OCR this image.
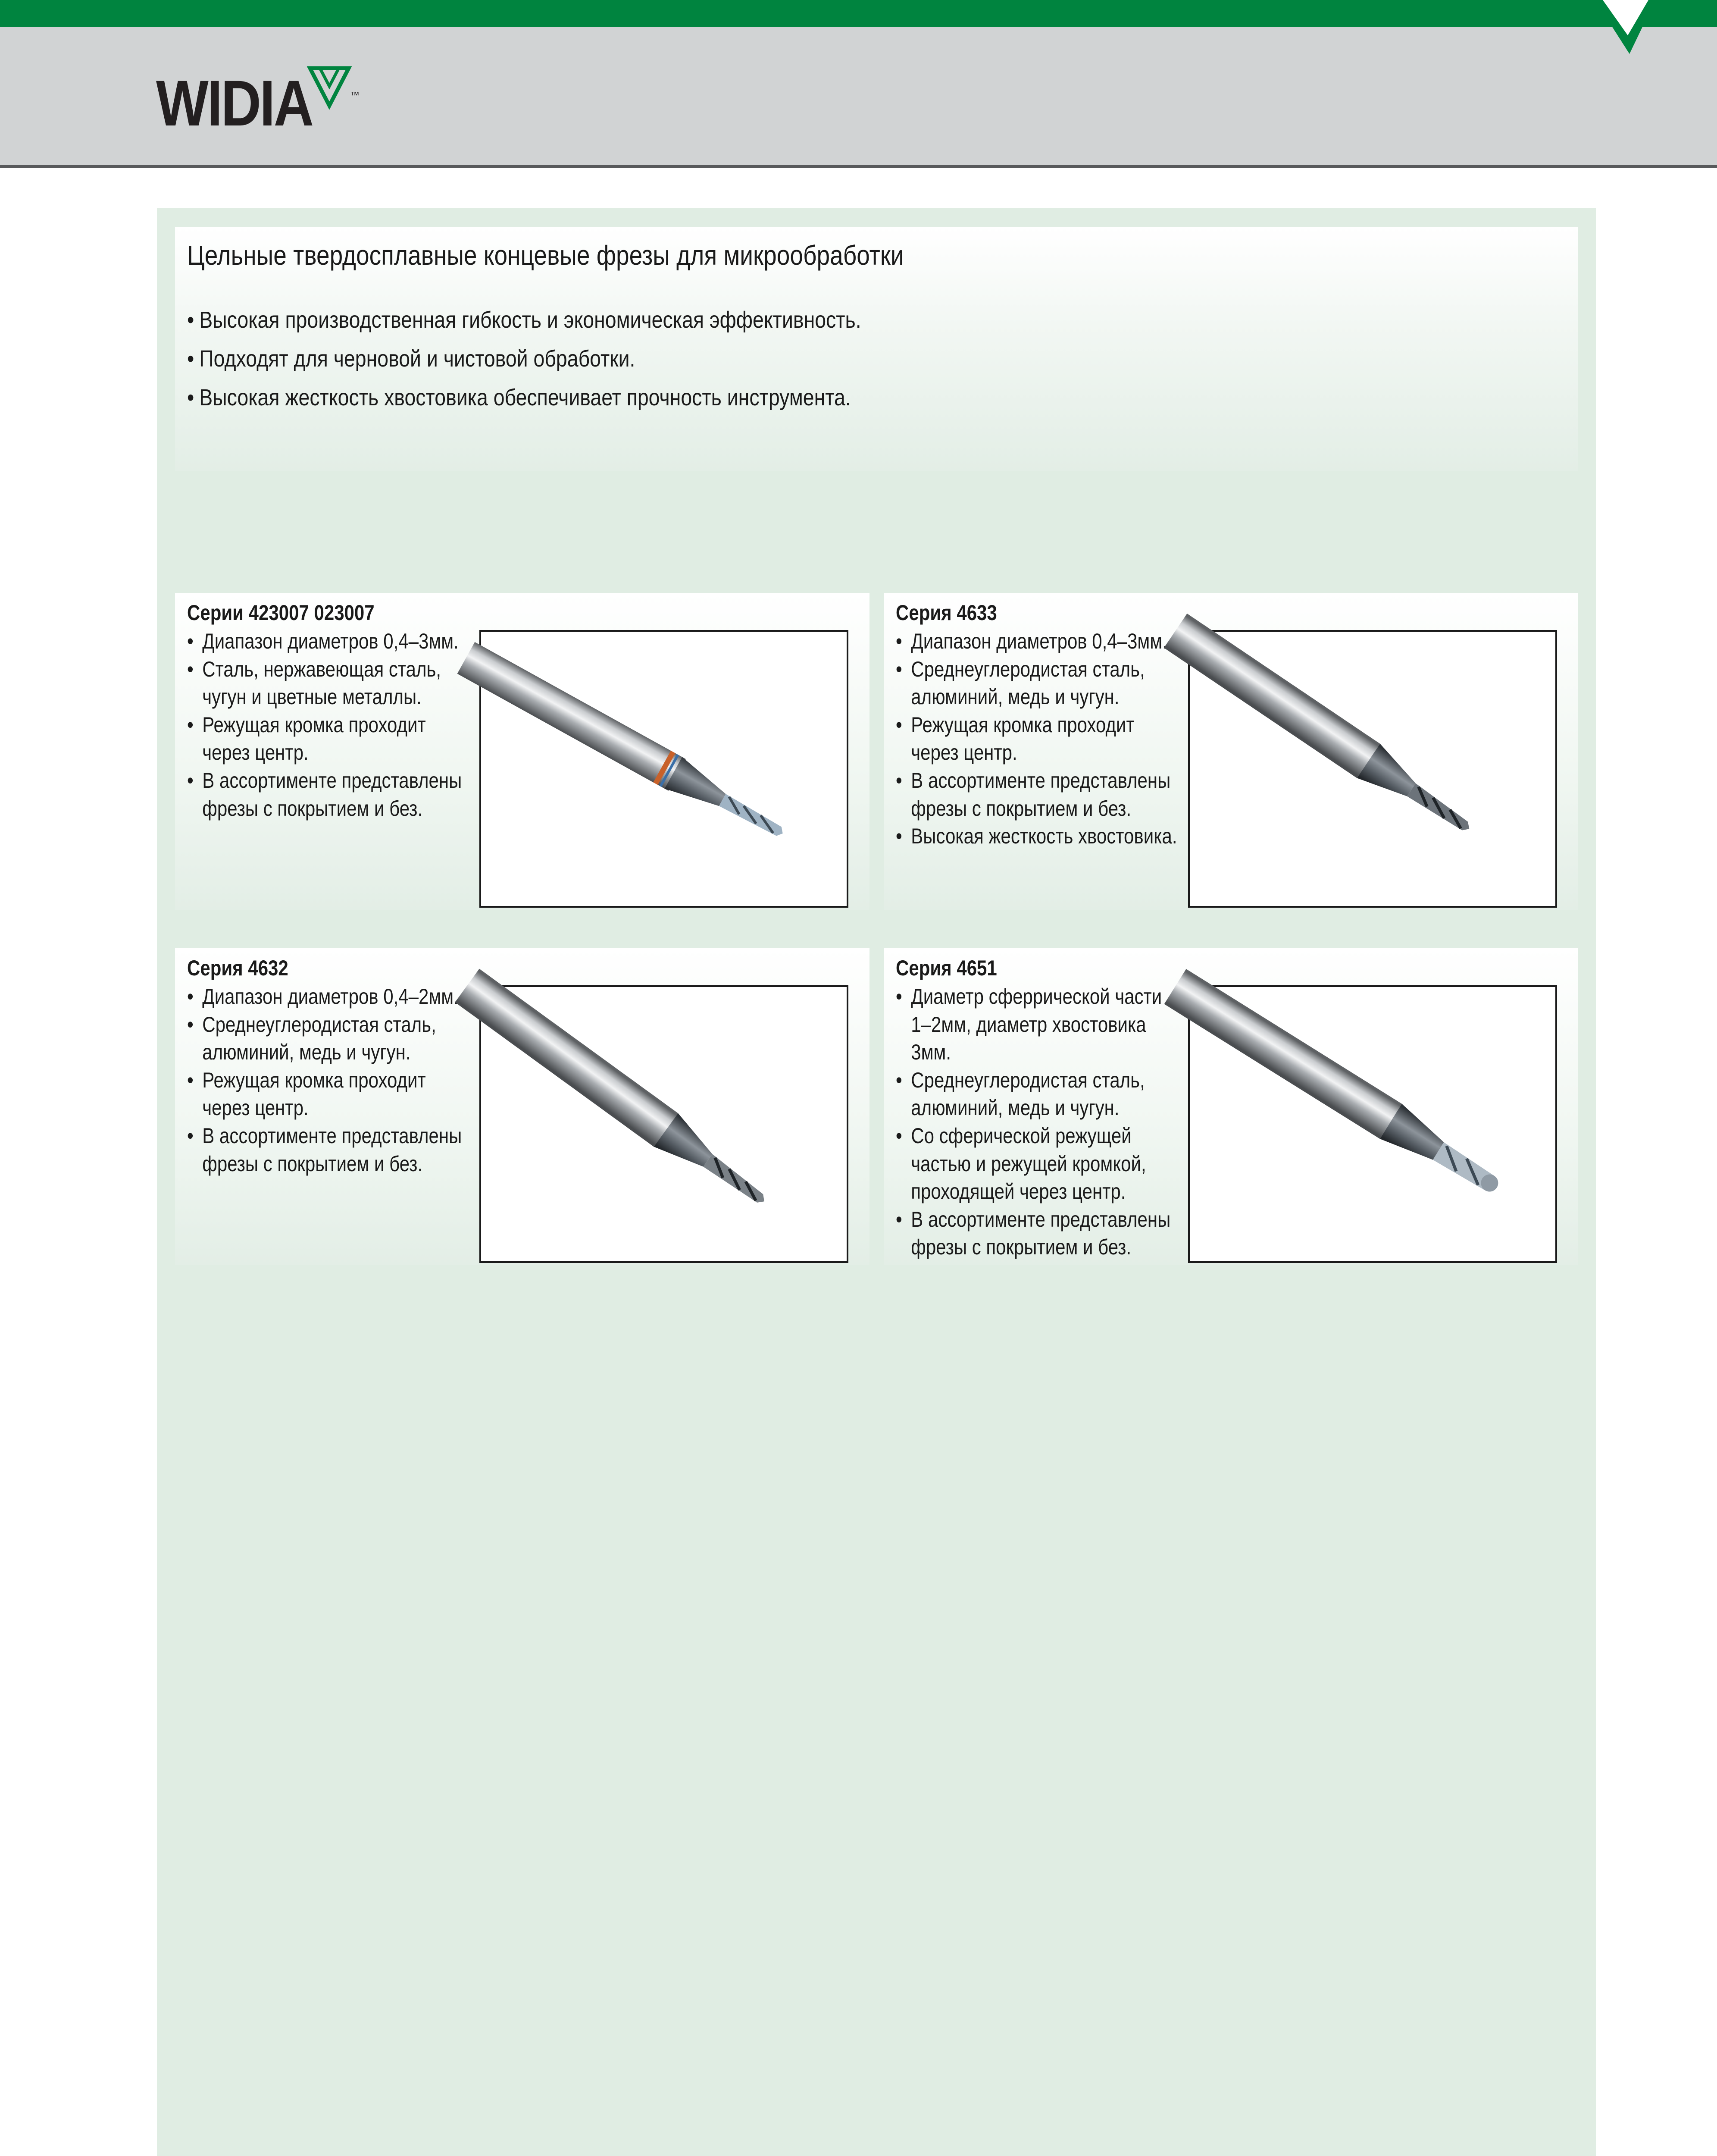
WIDIA	™
Цельные твердосплавные концевые фрезы для микрообработки
• Высокая производственная гибкость и экономическая эффективность.
• Подходят для черновой и чистовой обработки.
• Высокая жесткость хвостовика обеспечивает прочность инструмента.
Серии 423007 023007
• Диапазон диаметров 0,4–3мм.
• Сталь, нержавеющая сталь, чугун и цветные металлы.
• Режущая кромка проходит через центр.
• В ассортименте представлены фрезы с покрытием и без.
Серия 4633
• Диапазон диаметров 0,4–3мм.
• Среднеуглеродистая сталь, алюминий, медь и чугун.
• Режущая кромка проходит через центр.
• В ассортименте представлены фрезы с покрытием и без.
• Высокая жесткость хвостовика.
Серия 4632
• Диапазон диаметров 0,4–2мм.
• Среднеуглеродистая сталь, алюминий, медь и чугун.
• Режущая кромка проходит через центр.
• В ассортименте представлены фрезы с покрытием и без.
Серия 4651
• Диаметр сферрической части 1–2мм, диаметр хвостовика 3мм.
• Среднеуглеродистая сталь, алюминий, медь и чугун.
• Со сферической режущей частью и режущей кромкой, проходящей через центр.
• В ассортименте представлены фрезы с покрытием и без.
